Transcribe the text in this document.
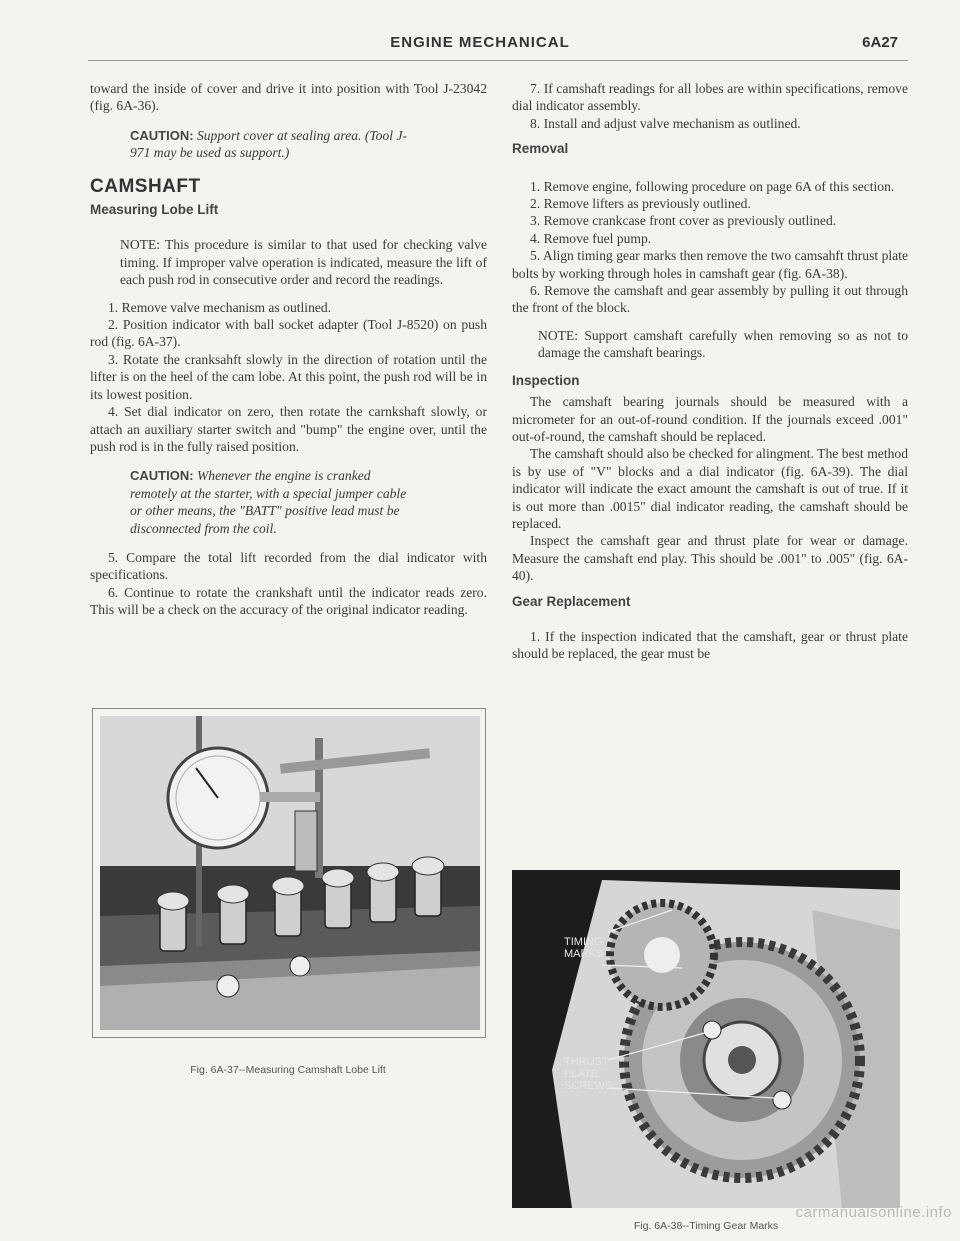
ENGINE MECHANICAL	6A27

toward the inside of cover and drive it into position with Tool J-23042 (fig. 6A-36).

CAUTION: Support cover at sealing area. (Tool J-971 may be used as support.)

CAMSHAFT
Measuring Lobe Lift

NOTE: This procedure is similar to that used for checking valve timing. If improper valve operation is indicated, measure the lift of each push rod in consecutive order and record the readings.

1. Remove valve mechanism as outlined.

2. Position indicator with ball socket adapter (Tool J-8520) on push rod (fig. 6A-37).

3. Rotate the cranksahft slowly in the direction of rotation until the lifter is on the heel of the cam lobe. At this point, the push rod will be in its lowest position.

4. Set dial indicator on zero, then rotate the carnkshaft slowly, or attach an auxiliary starter switch and "bump" the engine over, until the push rod is in the fully raised position.

CAUTION: Whenever the engine is cranked remotely at the starter, with a special jumper cable or other means, the "BATT" positive lead must be disconnected from the coil.

5. Compare the total lift recorded from the dial indicator with specifications.

6. Continue to rotate the crankshaft until the indicator reads zero. This will be a check on the accuracy of the original indicator reading.

Fig. 6A-37--Measuring Camshaft Lobe Lift

7. If camshaft readings for all lobes are within specifications, remove dial indicator assembly.

8. Install and adjust valve mechanism as outlined.

Removal

1. Remove engine, following procedure on page 6A of this section.

2. Remove lifters as previously outlined.

3. Remove crankcase front cover as previously outlined.

4. Remove fuel pump.

5. Align timing gear marks then remove the two camsahft thrust plate bolts by working through holes in camshaft gear (fig. 6A-38).

6. Remove the camshaft and gear assembly by pulling it out through the front of the block.

NOTE: Support camshaft carefully when removing so as not to damage the camshaft bearings.

Inspection

The camshaft bearing journals should be measured with a micrometer for an out-of-round condition. If the journals exceed .001" out-of-round, the camshaft should be replaced.

The camshaft should also be checked for alingment. The best method is by use of "V" blocks and a dial indicator (fig. 6A-39). The dial indicator will indicate the exact amount the camshaft is out of true. If it is out more than .0015" dial indicator reading, the camshaft should be replaced.

Inspect the camshaft gear and thrust plate for wear or damage. Measure the camshaft end play. This should be .001" to .005" (fig. 6A-40).

Gear Replacement

1. If the inspection indicated that the camshaft, gear or thrust plate should be replaced, the gear must be

TIMING
MARKS
THRUST
PLATE
SCREWS
Fig. 6A-38--Timing Gear Marks
carmanualsonline.info
